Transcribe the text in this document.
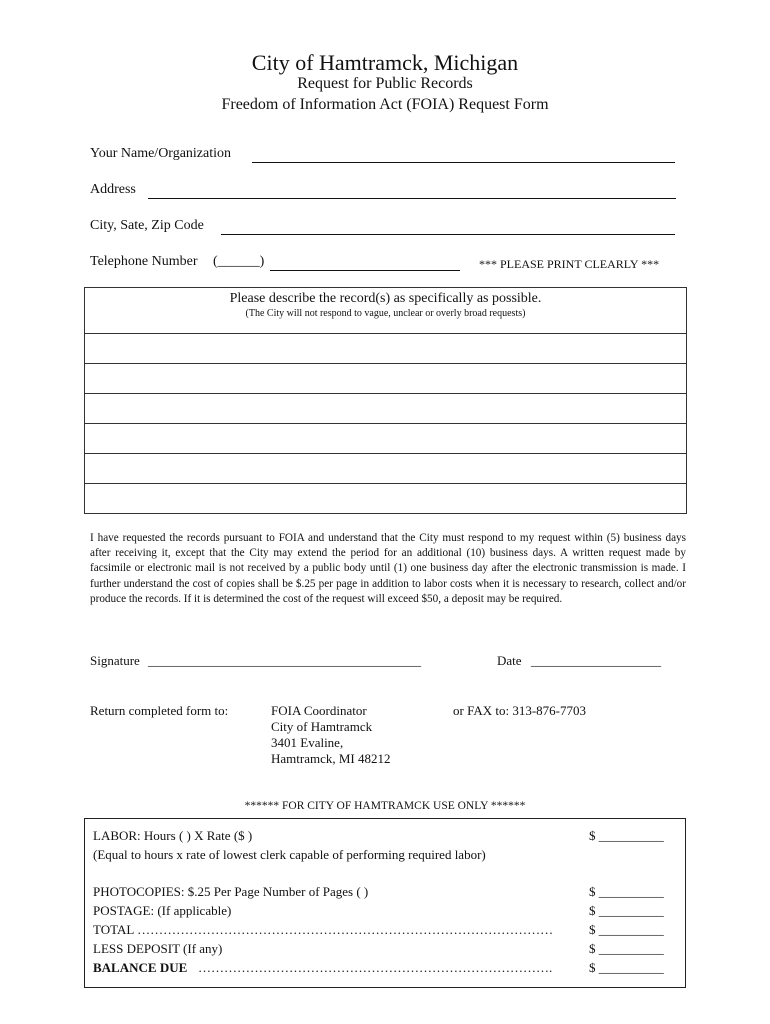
City of Hamtramck, Michigan
Request for Public Records
Freedom of Information Act (FOIA) Request Form
Your Name/Organization
Address
City, Sate, Zip Code
Telephone Number (______)	*** PLEASE PRINT CLEARLY ***
Please describe the record(s) as specifically as possible.
(The City will not respond to vague, unclear or overly broad requests)
I have requested the records pursuant to FOIA and understand that the City must respond to my request within (5) business days after receiving it, except that the City may extend the period for an additional (10) business days. A written request made by facsimile or electronic mail is not received by a public body until (1) one business day after the electronic transmission is made. I further understand the cost of copies shall be $.25 per page in addition to labor costs when it is necessary to research, collect and/or produce the records. If it is determined the cost of the request will exceed $50, a deposit may be required.
Signature __________________________________________	Date ____________________
Return completed form to:	FOIA Coordinator
City of Hamtramck
3401 Evaline,
Hamtramck, MI 48212
or FAX to: 313-876-7703
****** FOR CITY OF HAMTRAMCK USE ONLY ******
LABOR: Hours ( ) X Rate ($ )	$ __________
(Equal to hours x rate of lowest clerk capable of performing required labor)
PHOTOCOPIES: $.25 Per Page Number of Pages ( )	$ __________
POSTAGE: (If applicable)	$ __________
TOTAL ……………………………………………………………………………………	$ __________
LESS DEPOSIT (If any)	$ __________
BALANCE DUE ……………………………………………………………………….	$ __________
